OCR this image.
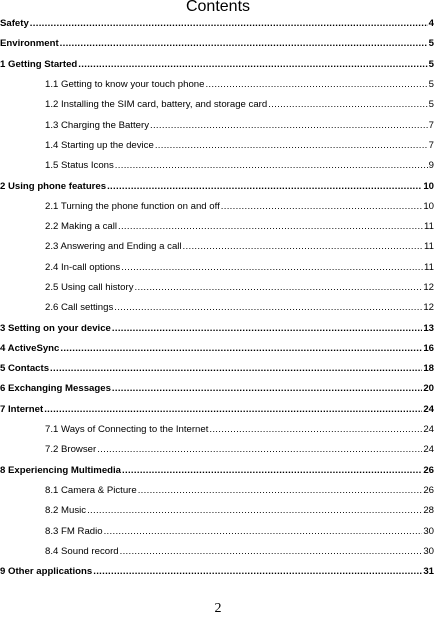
Contents
Safety .....	4
Environment .....	5
1 Getting Started .....	5
1.1 Getting to know your touch phone .....	5
1.2 Installing the SIM card, battery, and storage card .....	5
1.3 Charging the Battery .....	7
1.4 Starting up the device .....	7
1.5 Status Icons .....	9
2 Using phone features .....	10
2.1 Turning the phone function on and off .....	10
2.2 Making a call .....	11
2.3 Answering and Ending a call .....	11
2.4 In-call options .....	11
2.5 Using call history .....	12
2.6 Call settings .....	12
3 Setting on your device .....	13
4 ActiveSync .....	16
5 Contacts .....	18
6 Exchanging Messages .....	20
7 Internet .....	24
7.1 Ways of Connecting to the Internet .....	24
7.2 Browser .....	24
8 Experiencing Multimedia .....	26
8.1 Camera & Picture .....	26
8.2 Music .....	28
8.3 FM Radio .....	30
8.4 Sound record .....	30
9 Other applications .....	31
2
